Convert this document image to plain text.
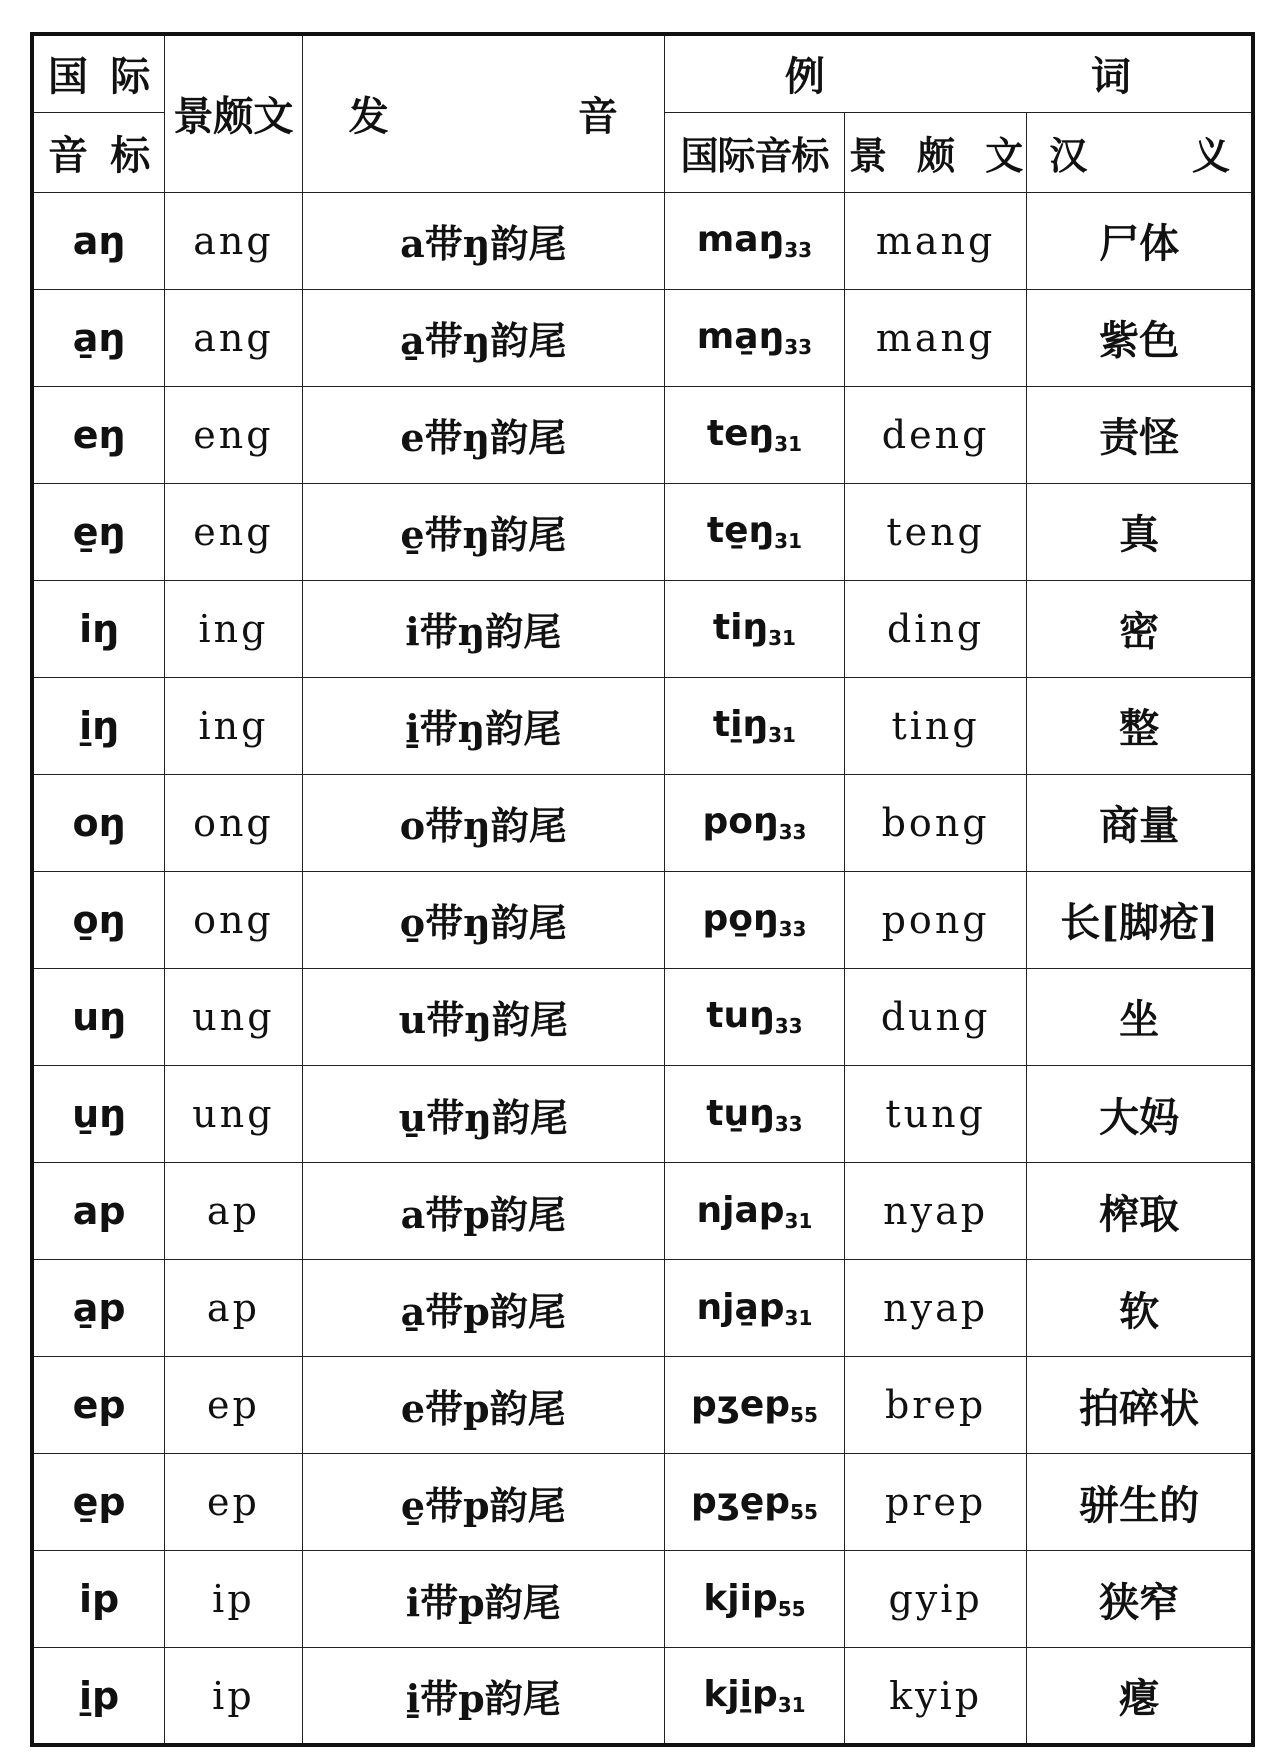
国 际	景颇文	发 音	例 词		

音 标			国际音标	景 颇 文	汉 义

aŋ	ang	a带ŋ韵尾	maŋ$_{33}$	mang	尸体
a̱ŋ	ang	a̱带ŋ韵尾	$ma̱ŋ_{33}$	mang	紫色
eŋ	eng	e带ŋ韵尾	teŋ$_{31}$	deng	责怪
e̱ŋ	eng	e̱带ŋ韵尾	$te̱ŋ_{31}$	teng	真
iŋ	ing	i带ŋ韵尾	tiŋ$_{31}$	ding	密
i̱ŋ	ing	i̱带ŋ韵尾	$ti̱ŋ_{31}$	ting	整
oŋ	ong	o带ŋ韵尾	poŋ$_{33}$	bong	商量
o̱ŋ	ong	o̱带ŋ韵尾	$po̱ŋ_{33}$	pong	长[脚疮]
uŋ	ung	u带ŋ韵尾	tuŋ$_{33}$	dung	坐
u̱ŋ	ung	u̱带ŋ韵尾	$tu̱ŋ_{33}$	tung	大妈
ap	ap	a带p韵尾	njap$_{31}$	nyap	榨取
a̱p	ap	a̱带p韵尾	$nja̱p_{31}$	nyap	软
ep	ep	e带p韵尾	pʒep$_{55}$	brep	拍碎状
e̱p	ep	e̱带p韵尾	$pʒe̱p_{55}$	prep	骈生的
ip	ip	i带p韵尾	kjip$_{55}$	gyip	狭窄
i̱p	ip	i̱带p韵尾	$kji̱p_{31}$	kyip	瘪
